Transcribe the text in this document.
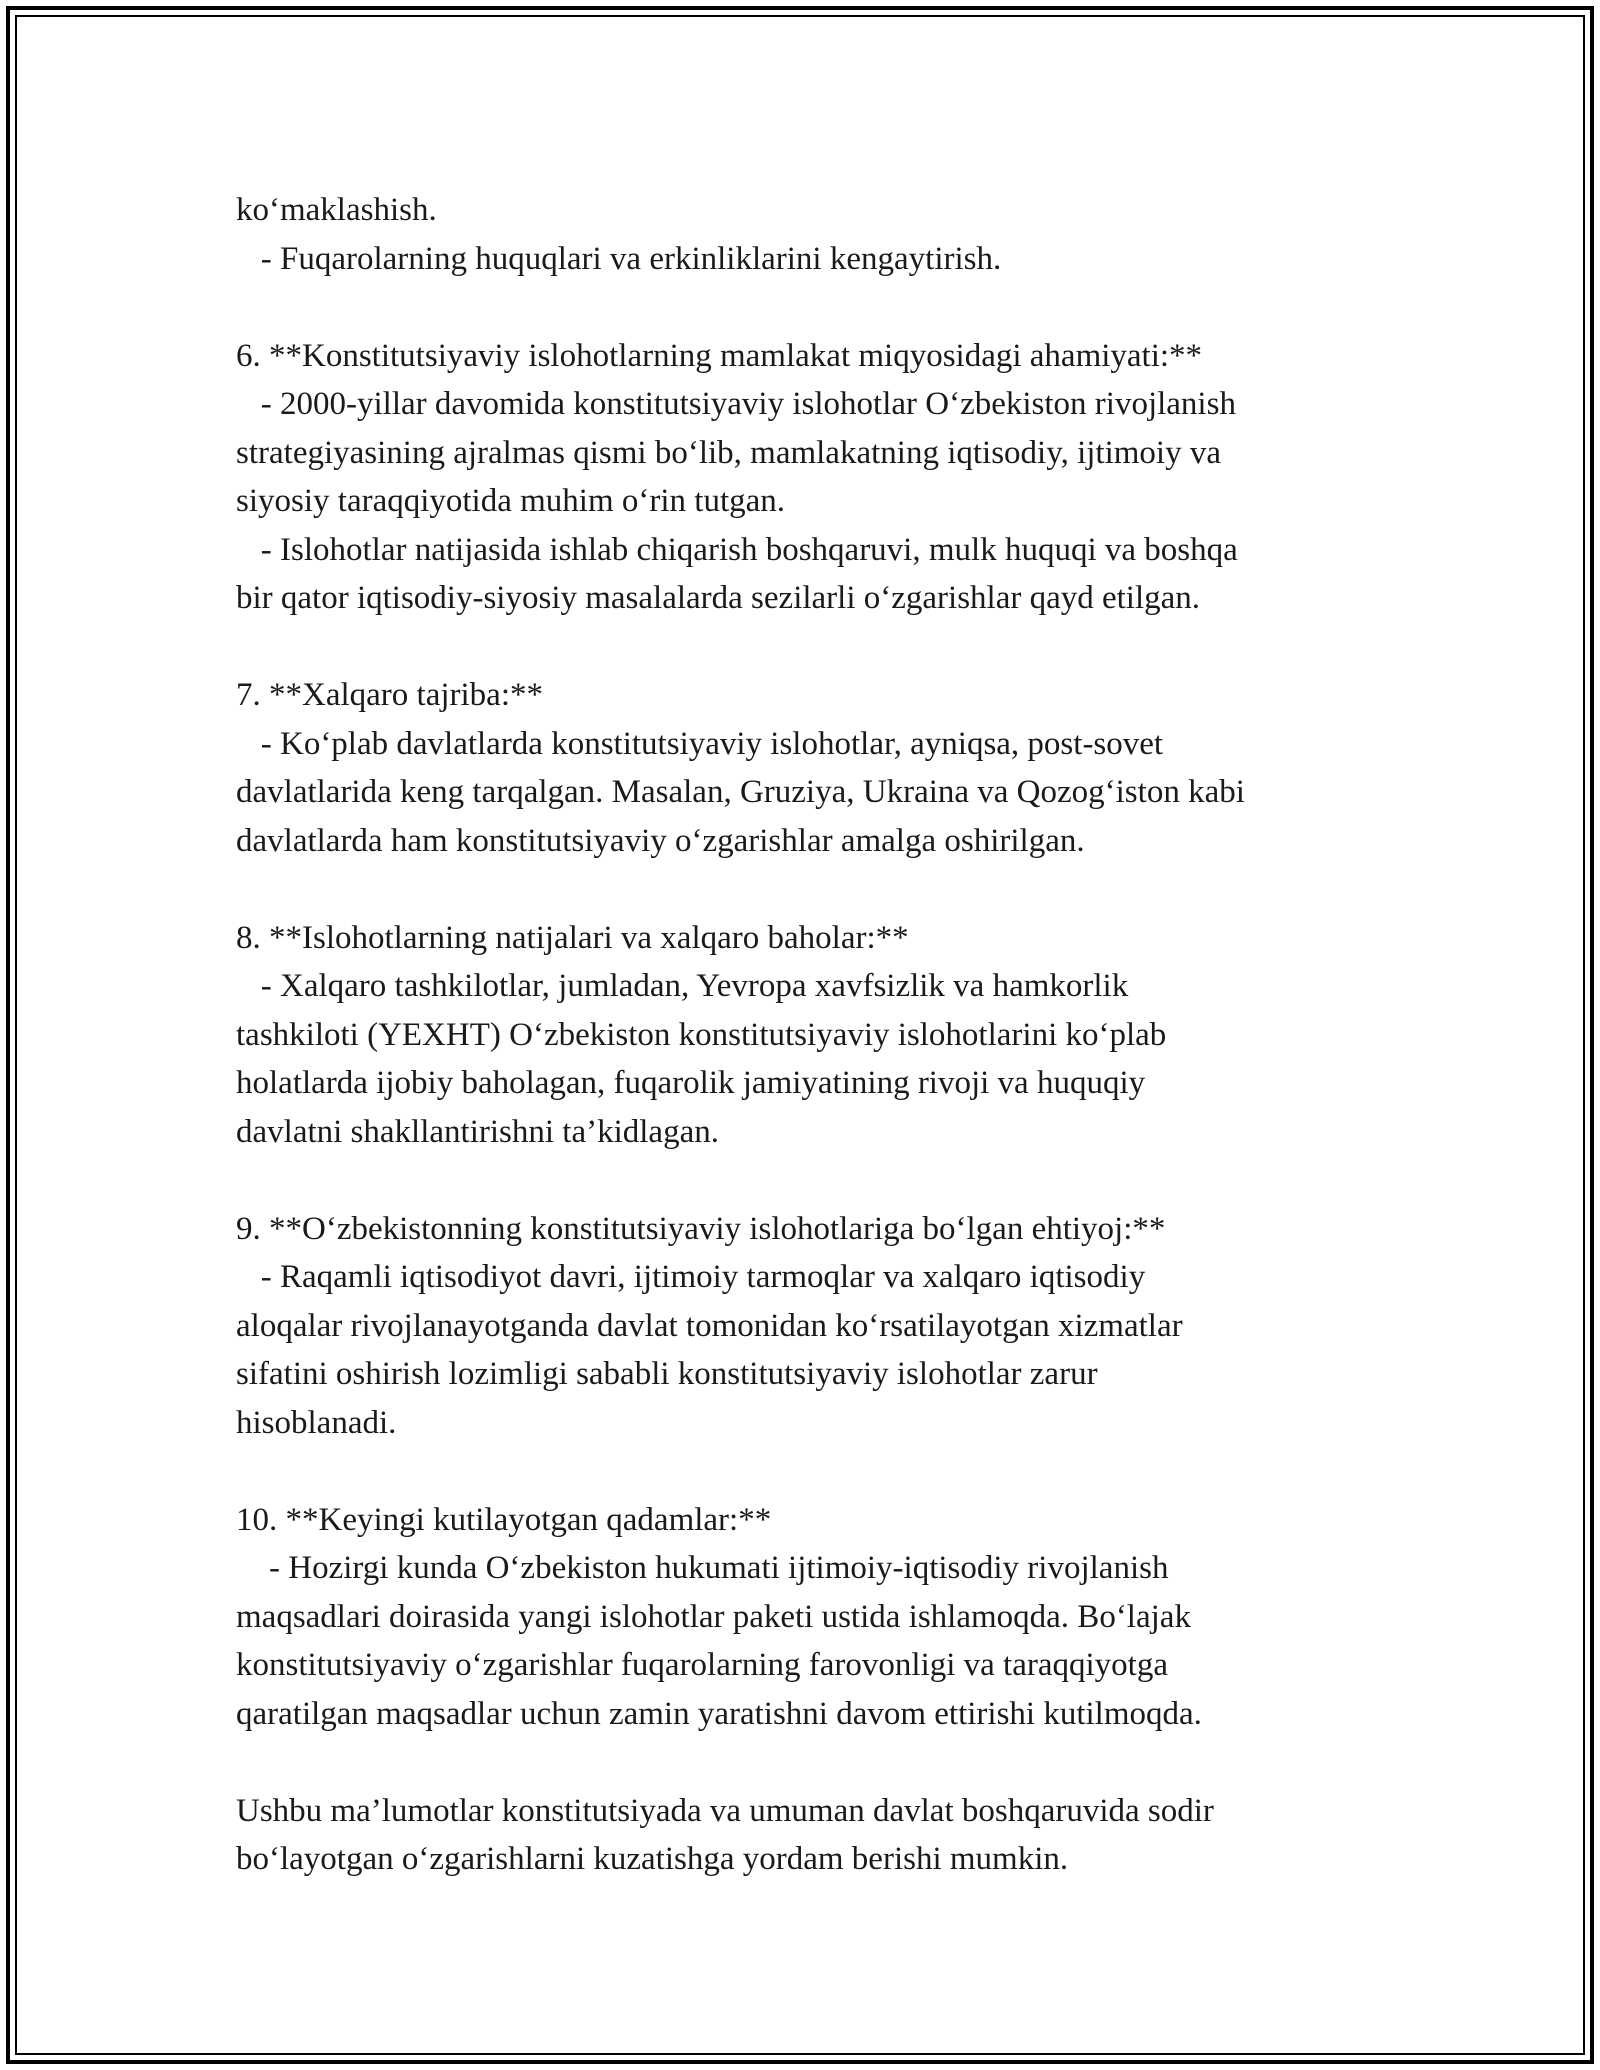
ko‘maklashish.

- Fuqarolarning huquqlari va erkinliklarini kengaytirish.

6. **Konstitutsiyaviy islohotlarning mamlakat miqyosidagi ahamiyati:**

- 2000-yillar davomida konstitutsiyaviy islohotlar O‘zbekiston rivojlanish

strategiyasining ajralmas qismi bo‘lib, mamlakatning iqtisodiy, ijtimoiy va

siyosiy taraqqiyotida muhim o‘rin tutgan.

- Islohotlar natijasida ishlab chiqarish boshqaruvi, mulk huquqi va boshqa

bir qator iqtisodiy-siyosiy masalalarda sezilarli o‘zgarishlar qayd etilgan.

7. **Xalqaro tajriba:**

- Ko‘plab davlatlarda konstitutsiyaviy islohotlar, ayniqsa, post-sovet

davlatlarida keng tarqalgan. Masalan, Gruziya, Ukraina va Qozog‘iston kabi

davlatlarda ham konstitutsiyaviy o‘zgarishlar amalga oshirilgan.

8. **Islohotlarning natijalari va xalqaro baholar:**

- Xalqaro tashkilotlar, jumladan, Yevropa xavfsizlik va hamkorlik

tashkiloti (YEXHT) O‘zbekiston konstitutsiyaviy islohotlarini ko‘plab

holatlarda ijobiy baholagan, fuqarolik jamiyatining rivoji va huquqiy

davlatni shakllantirishni ta’kidlagan.

9. **O‘zbekistonning konstitutsiyaviy islohotlariga bo‘lgan ehtiyoj:**

- Raqamli iqtisodiyot davri, ijtimoiy tarmoqlar va xalqaro iqtisodiy

aloqalar rivojlanayotganda davlat tomonidan ko‘rsatilayotgan xizmatlar

sifatini oshirish lozimligi sababli konstitutsiyaviy islohotlar zarur

hisoblanadi.

10. **Keyingi kutilayotgan qadamlar:**

- Hozirgi kunda O‘zbekiston hukumati ijtimoiy-iqtisodiy rivojlanish

maqsadlari doirasida yangi islohotlar paketi ustida ishlamoqda. Bo‘lajak

konstitutsiyaviy o‘zgarishlar fuqarolarning farovonligi va taraqqiyotga

qaratilgan maqsadlar uchun zamin yaratishni davom ettirishi kutilmoqda.

Ushbu ma’lumotlar konstitutsiyada va umuman davlat boshqaruvida sodir

bo‘layotgan o‘zgarishlarni kuzatishga yordam berishi mumkin.
